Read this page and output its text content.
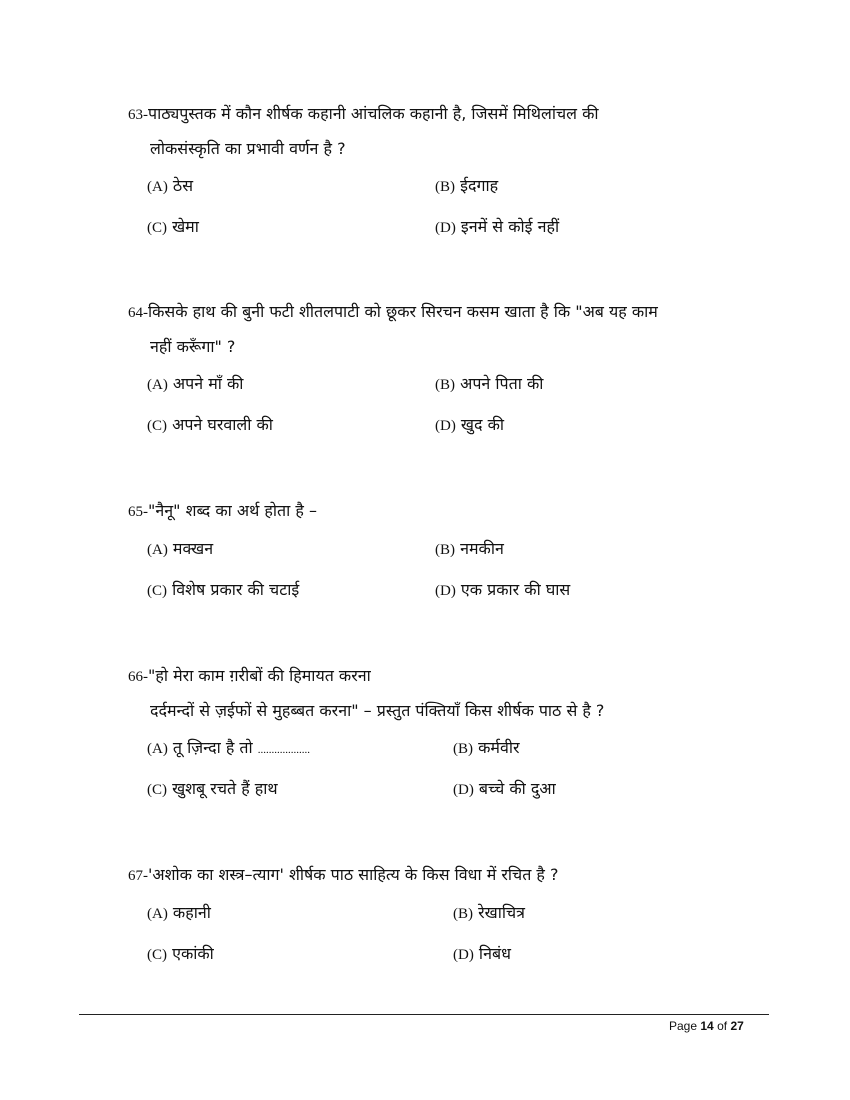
63-पाठ्यपुस्तक में कौन शीर्षक कहानी आंचलिक कहानी है, जिसमें मिथिलांचल की
लोकसंस्कृति का प्रभावी वर्णन है ?
(A) ठेस	(B) ईदगाह
(C) खेमा	(D) इनमें से कोई नहीं
64-किसके हाथ की बुनी फटी शीतलपाटी को छूकर सिरचन कसम खाता है कि "अब यह काम
नहीं करूँगा" ?
(A) अपने माँ की	(B) अपने पिता की
(C) अपने घरवाली की	(D) खुद की
65-"नैनू" शब्द का अर्थ होता है –
(A) मक्खन	(B) नमकीन
(C) विशेष प्रकार की चटाई	(D) एक प्रकार की घास
66-"हो मेरा काम ग़रीबों की हिमायत करना
दर्दमन्दों से ज़ईफों से मुहब्बत करना" – प्रस्तुत पंक्तियाँ किस शीर्षक पाठ से है ?
(A) तू ज़िन्दा है तो ...................	(B) कर्मवीर
(C) खुशबू रचते हैं हाथ	(D) बच्चे की दुआ
67-'अशोक का शस्त्र–त्याग' शीर्षक पाठ साहित्य के किस विधा में रचित है ?
(A) कहानी	(B) रेखाचित्र
(C) एकांकी	(D) निबंध
Page 14 of 27
